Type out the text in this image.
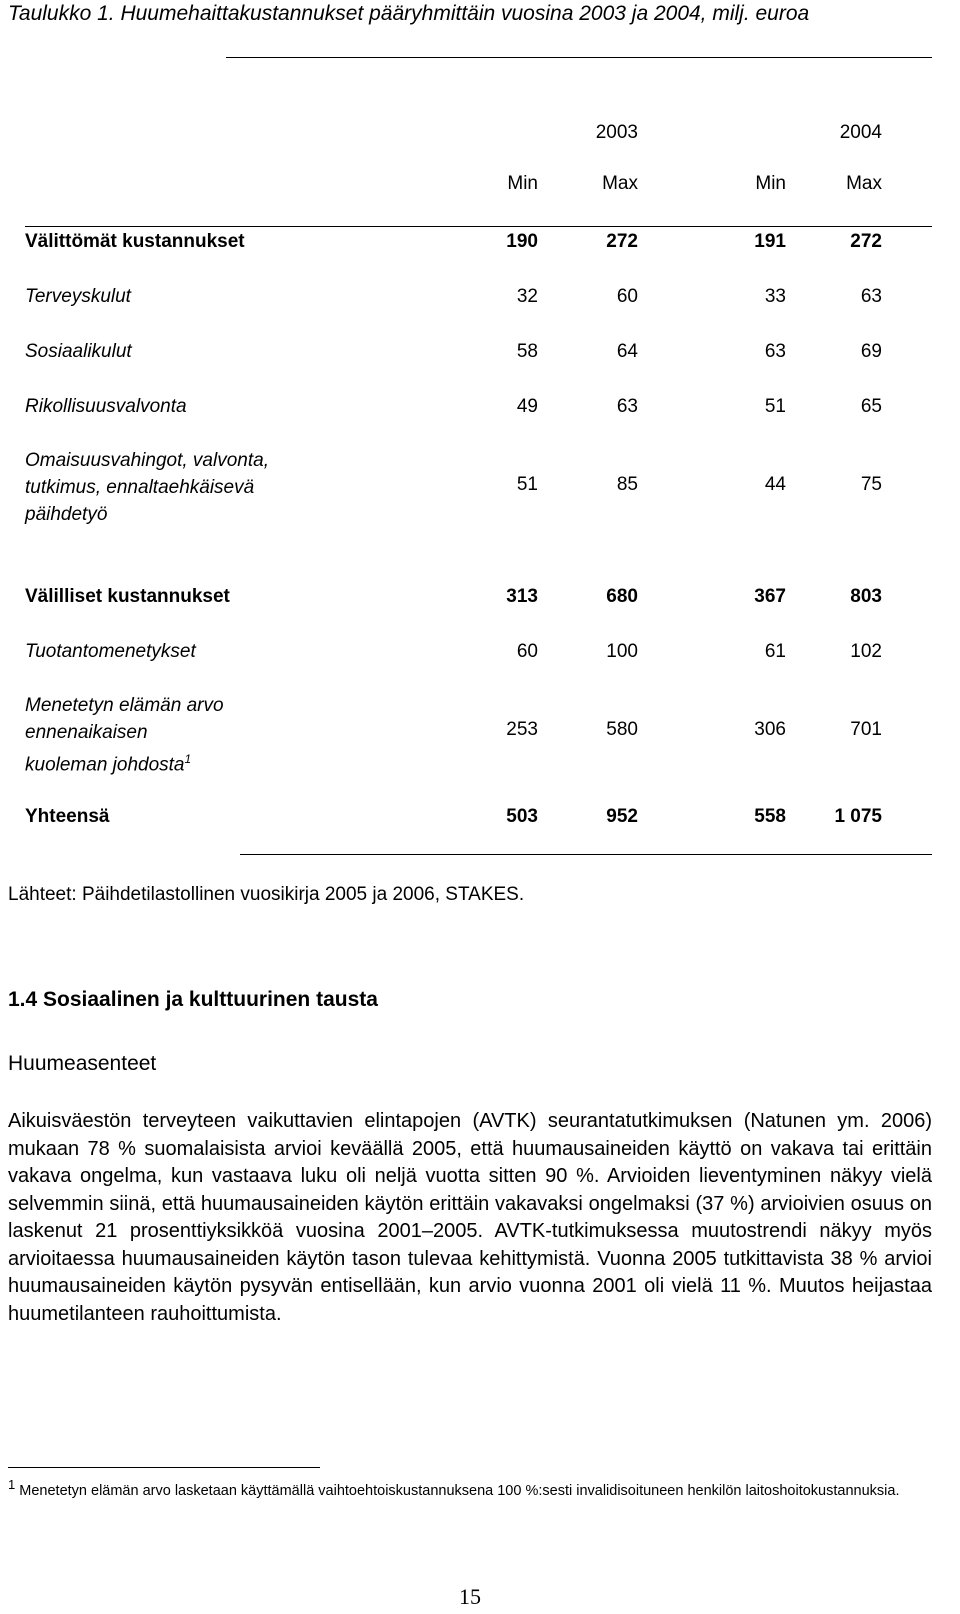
Taulukko 1. Huumehaittakustannukset pääryhmittäin vuosina 2003 ja 2004, milj. euroa
2003	2004
Min	Max	Min	Max
Välittömät kustannukset	190	272	191	272
Terveyskulut	32	60	33	63
Sosiaalikulut	58	64	63	69
Rikollisuusvalvonta	49	63	51	65
Omaisuusvahingot, valvonta,
tutkimus, ennaltaehkäisevä
päihdetyö
51	85	44	75
Välilliset kustannukset	313	680	367	803
Tuotantomenetykset	60	100	61	102
Menetetyn elämän arvo
ennenaikaisen
kuoleman johdosta$^1$
253	580	306	701
Yhteensä	503	952	558	1 075
Lähteet: Päihdetilastollinen vuosikirja 2005 ja 2006, STAKES.
1.4 Sosiaalinen ja kulttuurinen tausta
Huumeasenteet
Aikuisväestön terveyteen vaikuttavien elintapojen (AVTK) seurantatutkimuksen (Natunen ym. 2006) mukaan 78 % suomalaisista arvioi keväällä 2005, että huumausaineiden käyttö on vakava tai erittäin vakava ongelma, kun vastaava luku oli neljä vuotta sitten 90 %. Arvioiden lieventyminen näkyy vielä selvemmin siinä, että huumausaineiden käytön erittäin vakavaksi ongelmaksi (37 %) arvioivien osuus on laskenut 21 prosenttiyksikköä vuosina 2001–2005. AVTK-tutkimuksessa muutostrendi näkyy myös arvioitaessa huumausaineiden käytön tason tulevaa kehittymistä. Vuonna 2005 tutkittavista 38 % arvioi huumausaineiden käytön pysyvän entisellään, kun arvio vuonna 2001 oli vielä 11 %. Muutos heijastaa huumetilanteen rauhoittumista.
$^1$ Menetetyn elämän arvo lasketaan käyttämällä vaihtoehtoiskustannuksena 100 %:sesti invalidisoituneen henkilön laitoshoitokustannuksia.
15
